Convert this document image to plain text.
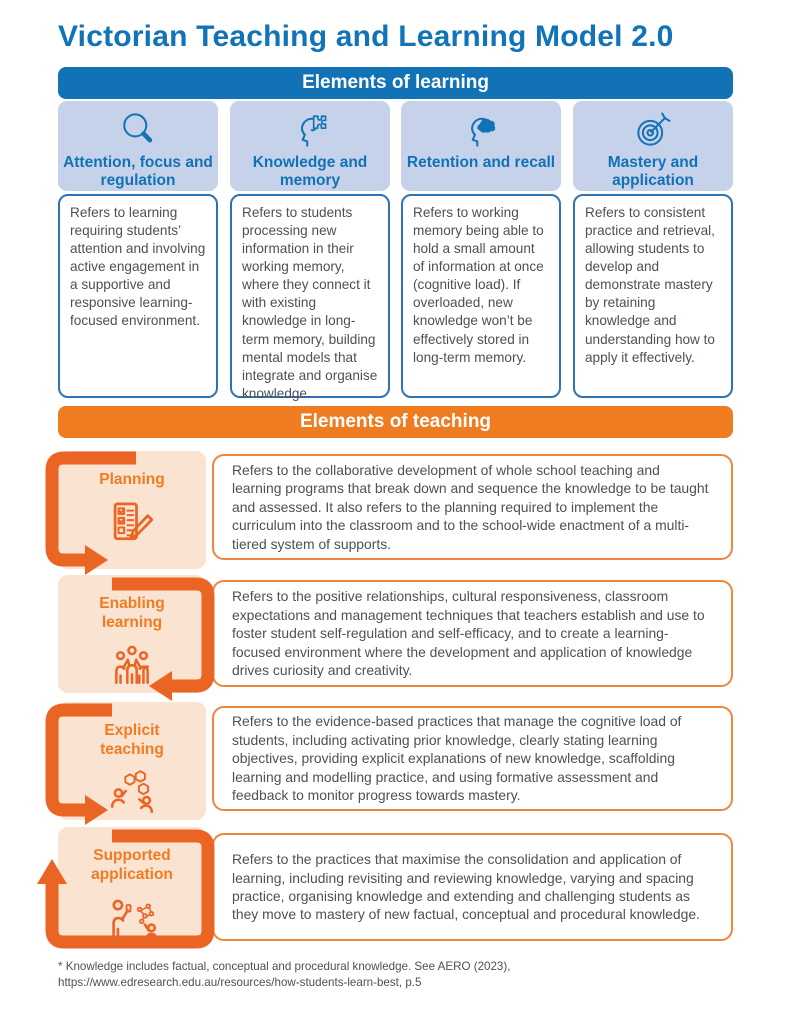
Victorian Teaching and Learning Model 2.0
Elements of learning
Attention, focus and regulation
Refers to learning requiring students’ attention and involving active engagement in a supportive and responsive learning-focused environment.
Knowledge and memory
Refers to students processing new information in their working memory, where they connect it with existing knowledge in long-term memory, building mental models that integrate and organise knowledge.
Retention and recall
Refers to working memory being able to hold a small amount of information at once (cognitive load). If overloaded, new knowledge won’t be effectively stored in long-term memory.
Mastery and application
Refers to consistent practice and retrieval, allowing students to develop and demonstrate mastery by retaining knowledge and understanding how to apply it effectively.
Elements of teaching
Planning
Refers to the collaborative development of whole school teaching and learning programs that break down and sequence the knowledge to be taught and assessed. It also refers to the planning required to implement the curriculum into the classroom and to the school-wide enactment of a multi-tiered system of supports.
Enabling learning
Refers to the positive relationships, cultural responsiveness, classroom expectations and management techniques that teachers establish and use to foster student self-regulation and self-efficacy, and to create a learning-focused environment where the development and application of knowledge drives curiosity and creativity.
Explicit teaching
Refers to the evidence-based practices that manage the cognitive load of students, including activating prior knowledge, clearly stating learning objectives, providing explicit explanations of new knowledge, scaffolding learning and modelling practice, and using formative assessment and feedback to monitor progress towards mastery.
Supported application
Refers to the practices that maximise the consolidation and application of learning, including revisiting and reviewing knowledge, varying and spacing practice, organising knowledge and extending and challenging students as they move to mastery of new factual, conceptual and procedural knowledge.
* Knowledge includes factual, conceptual and procedural knowledge. See AERO (2023), https://www.edresearch.edu.au/resources/how-students-learn-best, p.5
